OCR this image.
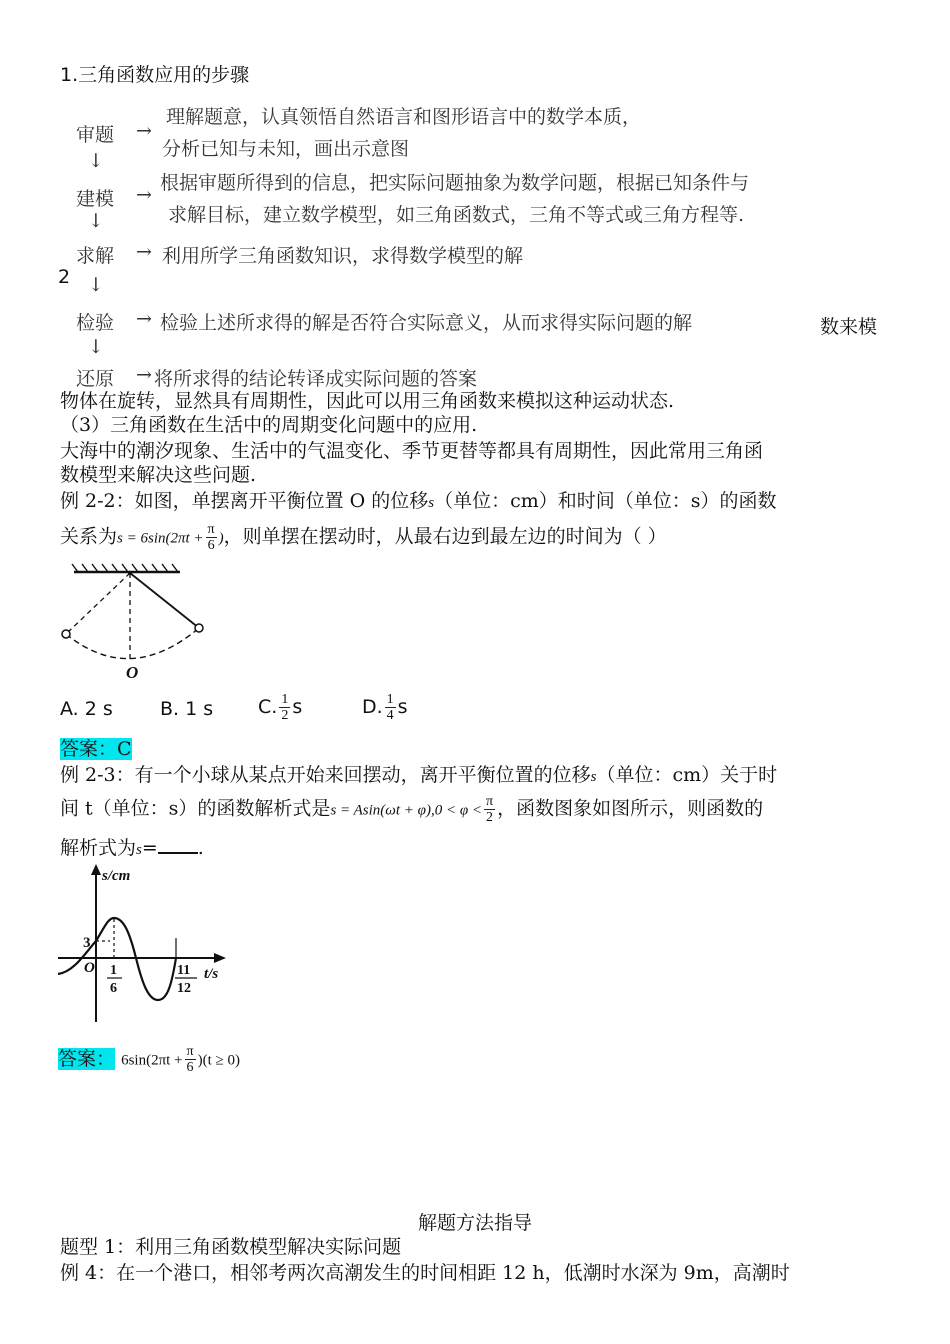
1.三角函数应用的步骤
审题
建模
求解
检验
还原
↓
↓
↓
↓
→
→
→
→
→
理解题意，认真领悟自然语言和图形语言中的数学本质，
分析已知与未知，画出示意图
根据审题所得到的信息，把实际问题抽象为数学问题，根据已知条件与
求解目标，建立数学模型，如三角函数式，三角不等式或三角方程等.
利用所学三角函数知识，求得数学模型的解
检验上述所求得的解是否符合实际意义，从而求得实际问题的解
将所求得的结论转译成实际问题的答案
2
数来模
物体在旋转，显然具有周期性，因此可以用三角函数来模拟这种运动状态.
（3）三角函数在生活中的周期变化问题中的应用.
大海中的潮汐现象、生活中的气温变化、季节更替等都具有周期性，因此常用三角函
数模型来解决这些问题.
例 2-2：如图，单摆离开平衡位置 O 的位移s（单位：cm）和时间（单位：s）的函数
关系为$s = 6\sin(2\pi t + \frac{\pi}{6}$ )，则单摆在摆动时，从最右边到最左边的时间为（ ）
O
A. 2 s B. 1 s C. $\frac{1}{2}$ s	D. $\frac{1}{4}$ s
答案：C
例 2-3：有一个小球从某点开始来回摆动，离开平衡位置的位移s（单位：cm）关于时
间 t（单位：s）的函数解析式是$s = Asin(\omega t + \varphi),0 < \varphi < \frac{\pi}{2}$ ，函数图象如图所示，则函数的
解析式为s= .
s/cm
t/s
O
3
1
6
11
12
答案： $6\sin(2\pi t + \frac{\pi}{6} )(t \ge 0)$
解题方法指导
题型 1：利用三角函数模型解决实际问题
例 4：在一个港口，相邻考两次高潮发生的时间相距 12 h，低潮时水深为 9m，高潮时
